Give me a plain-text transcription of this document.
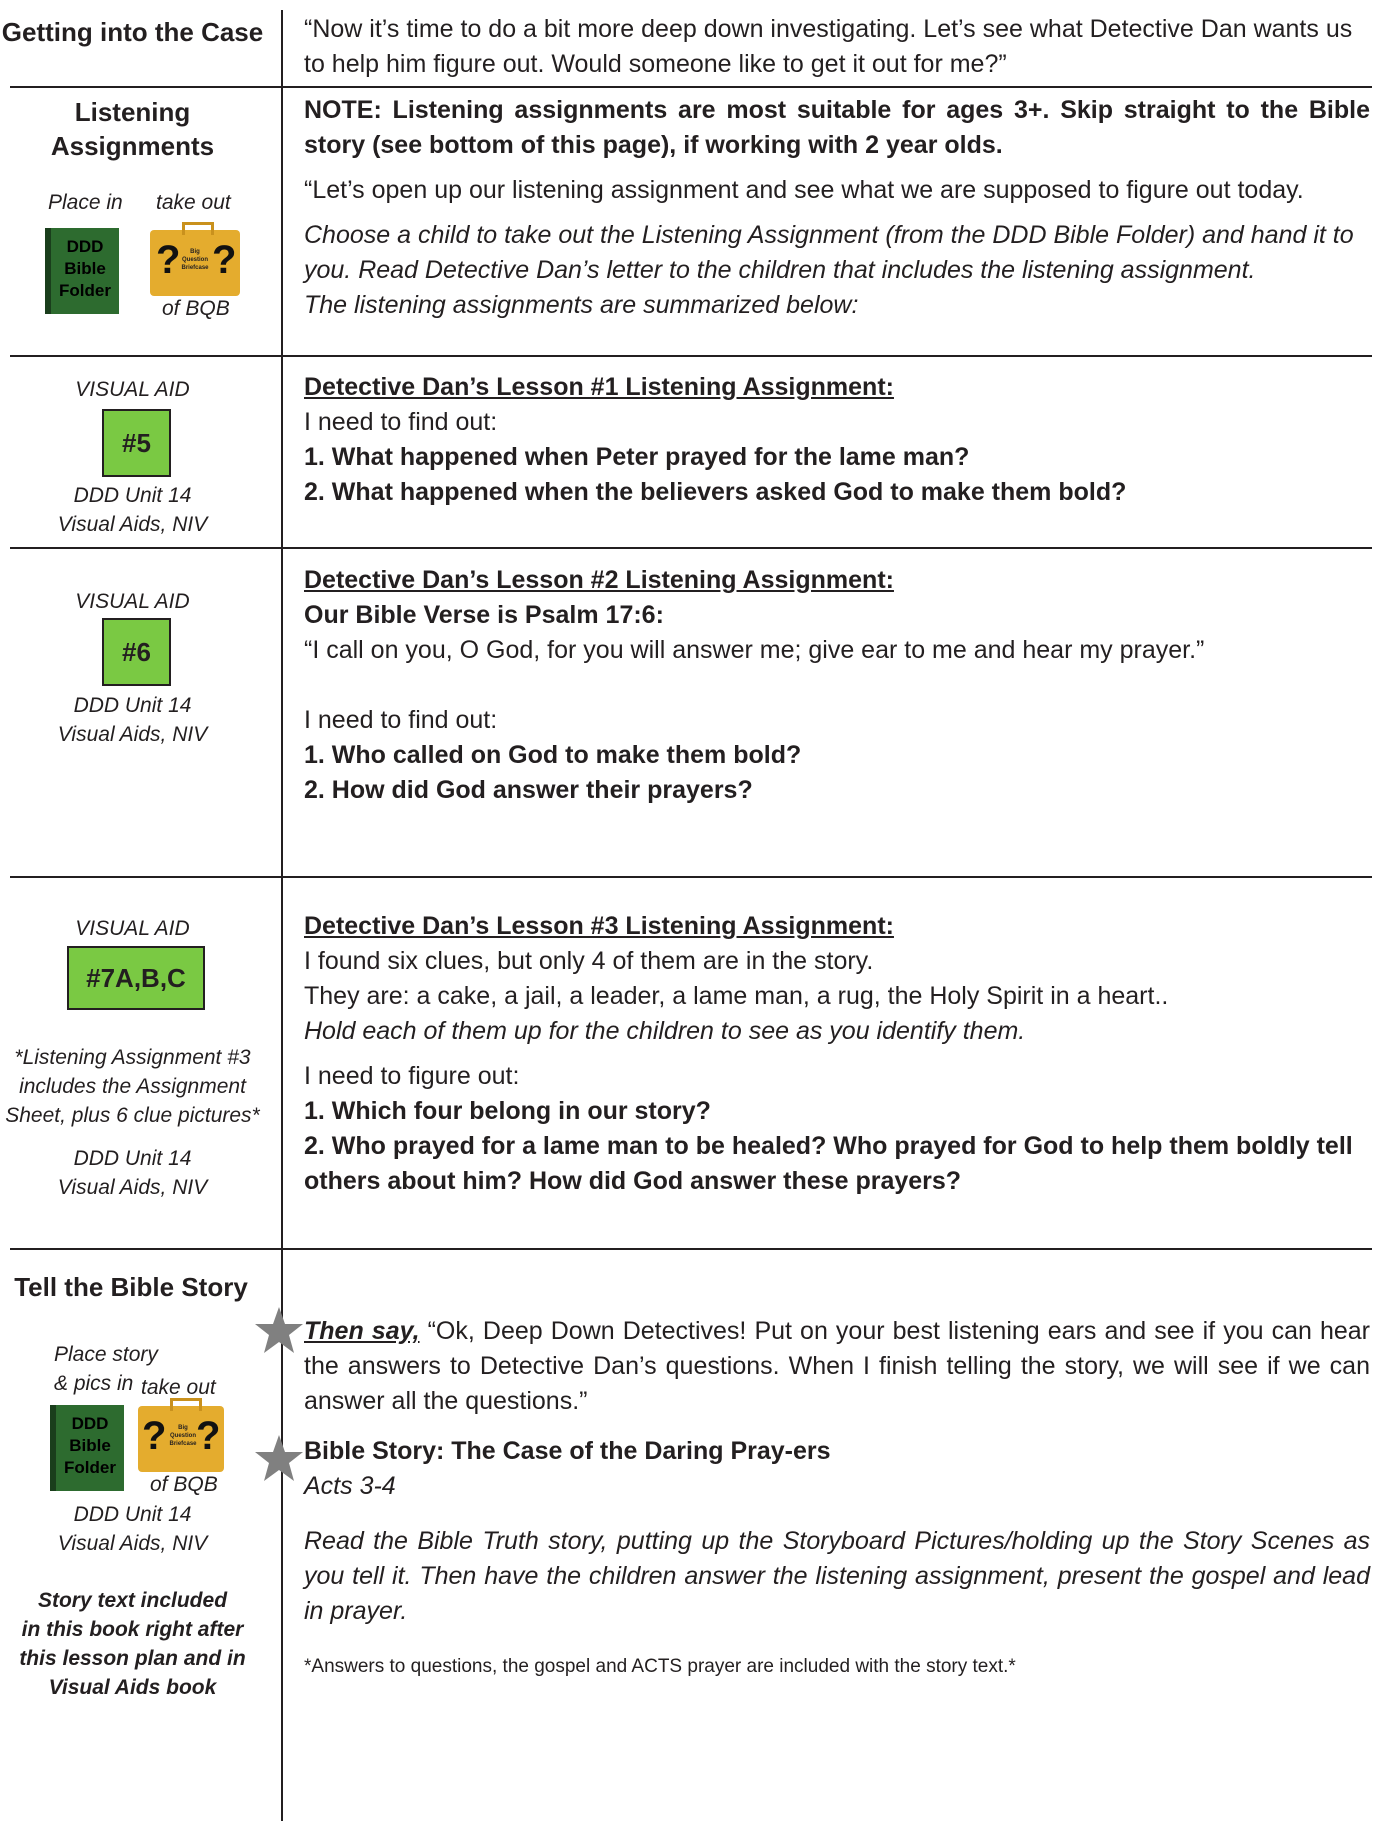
Getting into the Case “Now it’s time to do a bit more deep down investigating. Let’s see what Detective Dan wants us to help him figure out. Would someone like to get it out for me?”

Listening Assignments
Place in take out
DDD
Bible
Folder
?	Big Question Briefcase ?
of BQB

NOTE: Listening assignments are most suitable for ages 3+. Skip straight to the Bible story (see bottom of this page), if working with 2 year olds.

“Let’s open up our listening assignment and see what we are supposed to figure out today.

Choose a child to take out the Listening Assignment (from the DDD Bible Folder) and hand it to you. Read Detective Dan’s letter to the children that includes the listening assignment.

The listening assignments are summarized below:

VISUAL AID
#5
DDD Unit 14
Visual Aids, NIV

Detective Dan’s Lesson #1 Listening Assignment:

I need to find out:

1. What happened when Peter prayed for the lame man?

2. What happened when the believers asked God to make them bold?

VISUAL AID
#6
DDD Unit 14
Visual Aids, NIV

Detective Dan’s Lesson #2 Listening Assignment:

Our Bible Verse is Psalm 17:6:

“I call on you, O God, for you will answer me; give ear to me and hear my prayer.”

I need to find out:

1. Who called on God to make them bold?

2. How did God answer their prayers?

VISUAL AID
#7A,B,C
*Listening Assignment #3
includes the Assignment
Sheet, plus 6 clue pictures*
DDD Unit 14
Visual Aids, NIV

Detective Dan’s Lesson #3 Listening Assignment:

I found six clues, but only 4 of them are in the story.

They are: a cake, a jail, a leader, a lame man, a rug, the Holy Spirit in a heart..

Hold each of them up for the children to see as you identify them.

I need to figure out:

1. Which four belong in our story?

2. Who prayed for a lame man to be healed? Who prayed for God to help them boldly tell others about him? How did God answer these prayers?

Tell the Bible Story
Place story
& pics in take out
DDD
Bible
Folder
?	Big Question Briefcase ?
of BQB
DDD Unit 14
Visual Aids, NIV
Story text included
in this book right after
this lesson plan and in
Visual Aids book

Then say, “Ok, Deep Down Detectives! Put on your best listening ears and see if you can hear the answers to Detective Dan’s questions. When I finish telling the story, we will see if we can answer all the questions.”

Bible Story: The Case of the Daring Pray-ers

Acts 3-4

Read the Bible Truth story, putting up the Storyboard Pictures/holding up the Story Scenes as you tell it. Then have the children answer the listening assignment, present the gospel and lead in prayer.

*Answers to questions, the gospel and ACTS prayer are included with the story text.*
